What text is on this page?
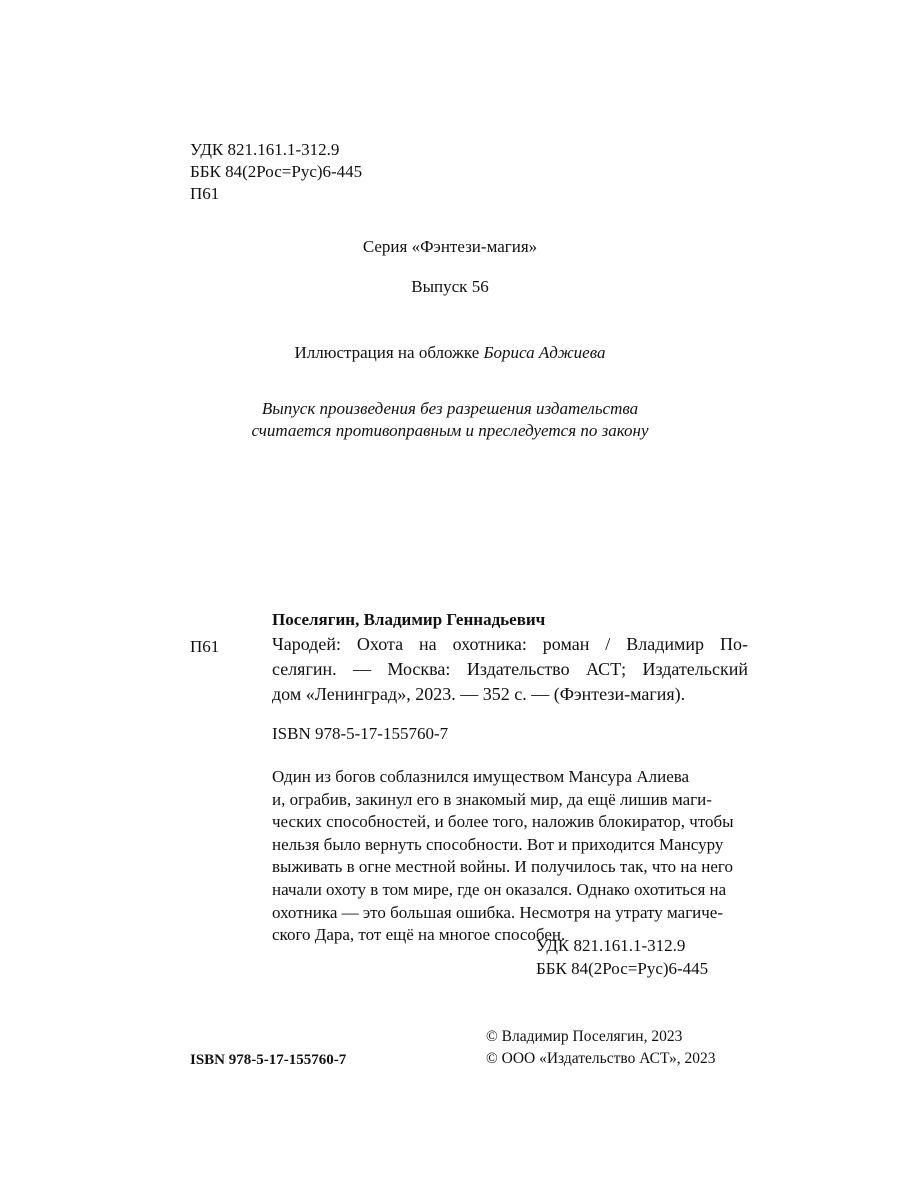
УДК 821.161.1-312.9
ББК 84(2Рос=Рус)6-445
П61
Серия «Фэнтези-магия»
Выпуск 56
Иллюстрация на обложке Бориса Аджиева
Выпуск произведения без разрешения издательства
считается противоправным и преследуется по закону
Поселягин, Владимир Геннадьевич
П61	Чародей: Охота на охотника: роман / Владимир По-
селягин. — Москва: Издательство АСТ; Издательский
дом «Ленинград», 2023. — 352 с. — (Фэнтези-магия).
ISBN 978-5-17-155760-7
Один из богов соблазнился имуществом Мансура Алиева
и, ограбив, закинул его в знакомый мир, да ещё лишив маги-
ческих способностей, и более того, наложив блокиратор, чтобы
нельзя было вернуть способности. Вот и приходится Мансуру
выживать в огне местной войны. И получилось так, что на него
начали охоту в том мире, где он оказался. Однако охотиться на
охотника — это большая ошибка. Несмотря на утрату магиче-
ского Дара, тот ещё на многое способен.
УДК 821.161.1-312.9
ББК 84(2Рос=Рус)6-445
ISBN 978-5-17-155760-7
© Владимир Поселягин, 2023
© ООО «Издательство АСТ», 2023
